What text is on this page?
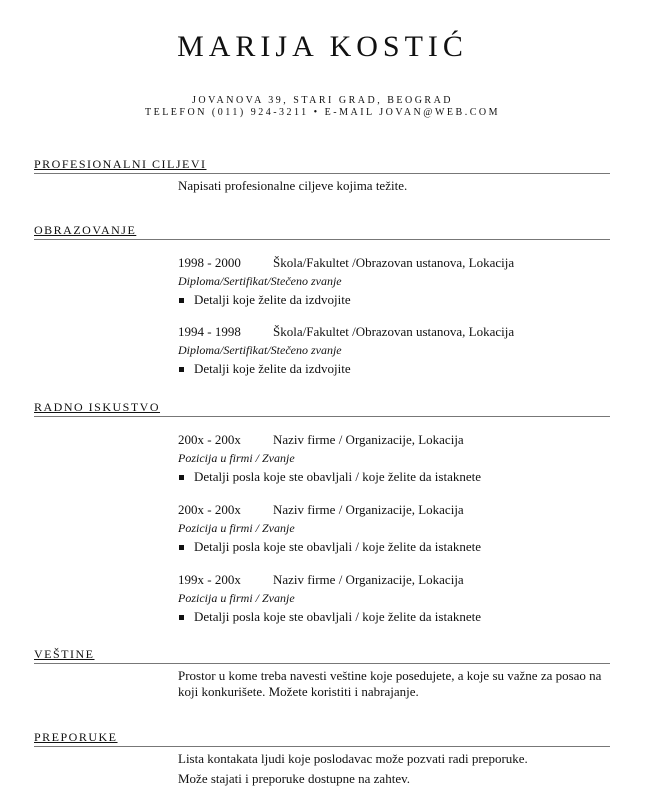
MARIJA KOSTIĆ

JOVANOVA 39, STARI GRAD, BEOGRAD

TELEFON (011) 924-3211 • E-MAIL JOVAN@WEB.COM

PROFESIONALNI CILJEVI
Napisati profesionalne ciljeve kojima težite.
OBRAZOVANJE
1998 - 2000 Škola/Fakultet /Obrazovan ustanova, Lokacija
Diploma/Sertifikat/Stečeno zvanje
Detalji koje želite da izdvojite
1994 - 1998 Škola/Fakultet /Obrazovan ustanova, Lokacija
Diploma/Sertifikat/Stečeno zvanje
Detalji koje želite da izdvojite
RADNO ISKUSTVO
200x - 200x Naziv firme / Organizacije, Lokacija
Pozicija u firmi / Zvanje
Detalji posla koje ste obavljali / koje želite da istaknete
200x - 200x Naziv firme / Organizacije, Lokacija
Pozicija u firmi / Zvanje
Detalji posla koje ste obavljali / koje želite da istaknete
199x - 200x Naziv firme / Organizacije, Lokacija
Pozicija u firmi / Zvanje
Detalji posla koje ste obavljali / koje želite da istaknete
VEŠTINE
Prostor u kome treba navesti veštine koje posedujete, a koje su važne za posao na koji konkurišete. Možete koristiti i nabrajanje.
PREPORUKE
Lista kontakata ljudi koje poslodavac može pozvati radi preporuke.
Može stajati i preporuke dostupne na zahtev.
